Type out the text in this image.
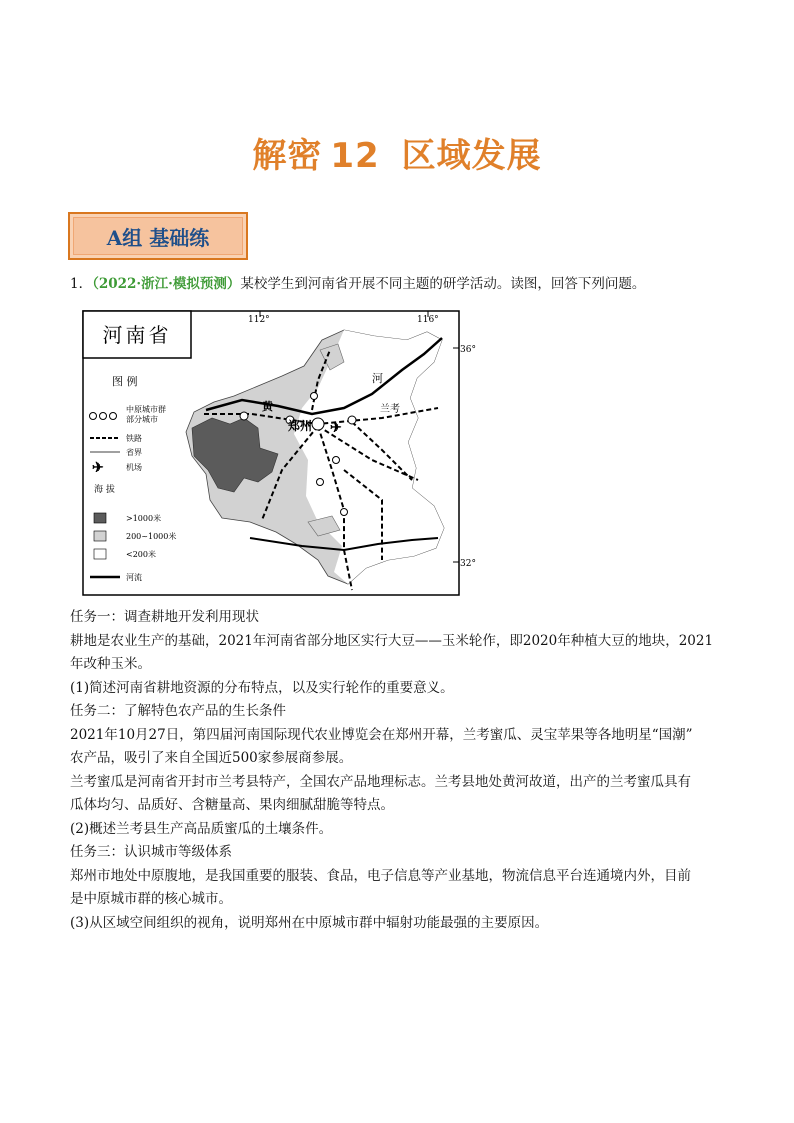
解密 12 区域发展
A组 基础练
1．（2022·浙江·模拟预测）某校学生到河南省开展不同主题的研学活动。读图，回答下列问题。
112°	116°
36°
32°
河南省
✈
河
黄	兰考
郑州
图 例
中原城市群
部分城市
铁路
省界
✈	机场
海 拔
>1000米
200~1000米
<200米
河流

任务一：调查耕地开发利用现状

耕地是农业生产的基础，2021年河南省部分地区实行大豆——玉米轮作，即2020年种植大豆的地块，2021

年改种玉米。

(1)简述河南省耕地资源的分布特点，以及实行轮作的重要意义。

任务二：了解特色农产品的生长条件

2021年10月27日，第四届河南国际现代农业博览会在郑州开幕，兰考蜜瓜、灵宝苹果等各地明星“国潮”

农产品，吸引了来自全国近500家参展商参展。

兰考蜜瓜是河南省开封市兰考县特产，全国农产品地理标志。兰考县地处黄河故道，出产的兰考蜜瓜具有

瓜体均匀、品质好、含糖量高、果肉细腻甜脆等特点。

(2)概述兰考县生产高品质蜜瓜的土壤条件。

任务三：认识城市等级体系

郑州市地处中原腹地，是我国重要的服装、食品，电子信息等产业基地，物流信息平台连通境内外，目前

是中原城市群的核心城市。

(3)从区域空间组织的视角，说明郑州在中原城市群中辐射功能最强的主要原因。
